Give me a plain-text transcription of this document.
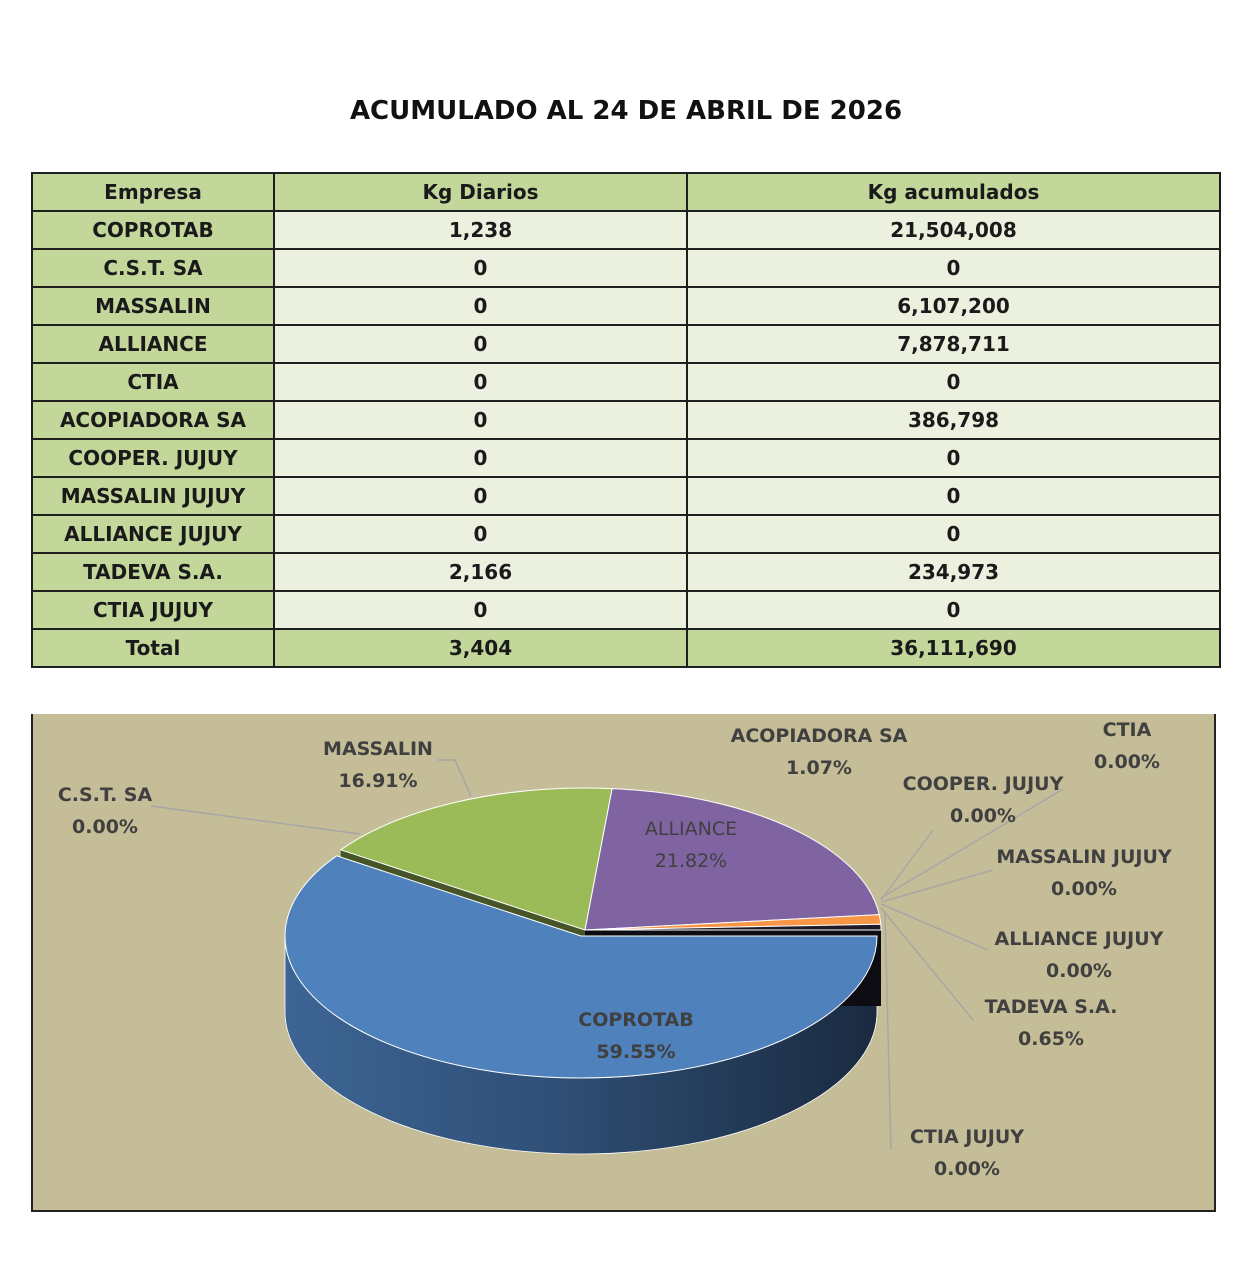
ACUMULADO AL 24 DE ABRIL DE 2026
Empresa	Kg Diarios	Kg acumulados
COPROTAB	1,238	21,504,008
C.S.T. SA	0	0
MASSALIN	0	6,107,200
ALLIANCE	0	7,878,711
CTIA	0	0
ACOPIADORA SA	0	386,798
COOPER. JUJUY	0	0
MASSALIN JUJUY	0	0
ALLIANCE JUJUY	0	0
TADEVA S.A.	2,166	234,973
CTIA JUJUY	0	0
Total	3,404	36,111,690
COPROTAB
59.55%
C.S.T. SA
0.00%
MASSALIN
16.91%
ALLIANCE
21.82%
CTIA
0.00%
ACOPIADORA SA
1.07%
COOPER. JUJUY
0.00%
MASSALIN JUJUY
0.00%
ALLIANCE JUJUY
0.00%
TADEVA S.A.
0.65%
CTIA JUJUY
0.00%
